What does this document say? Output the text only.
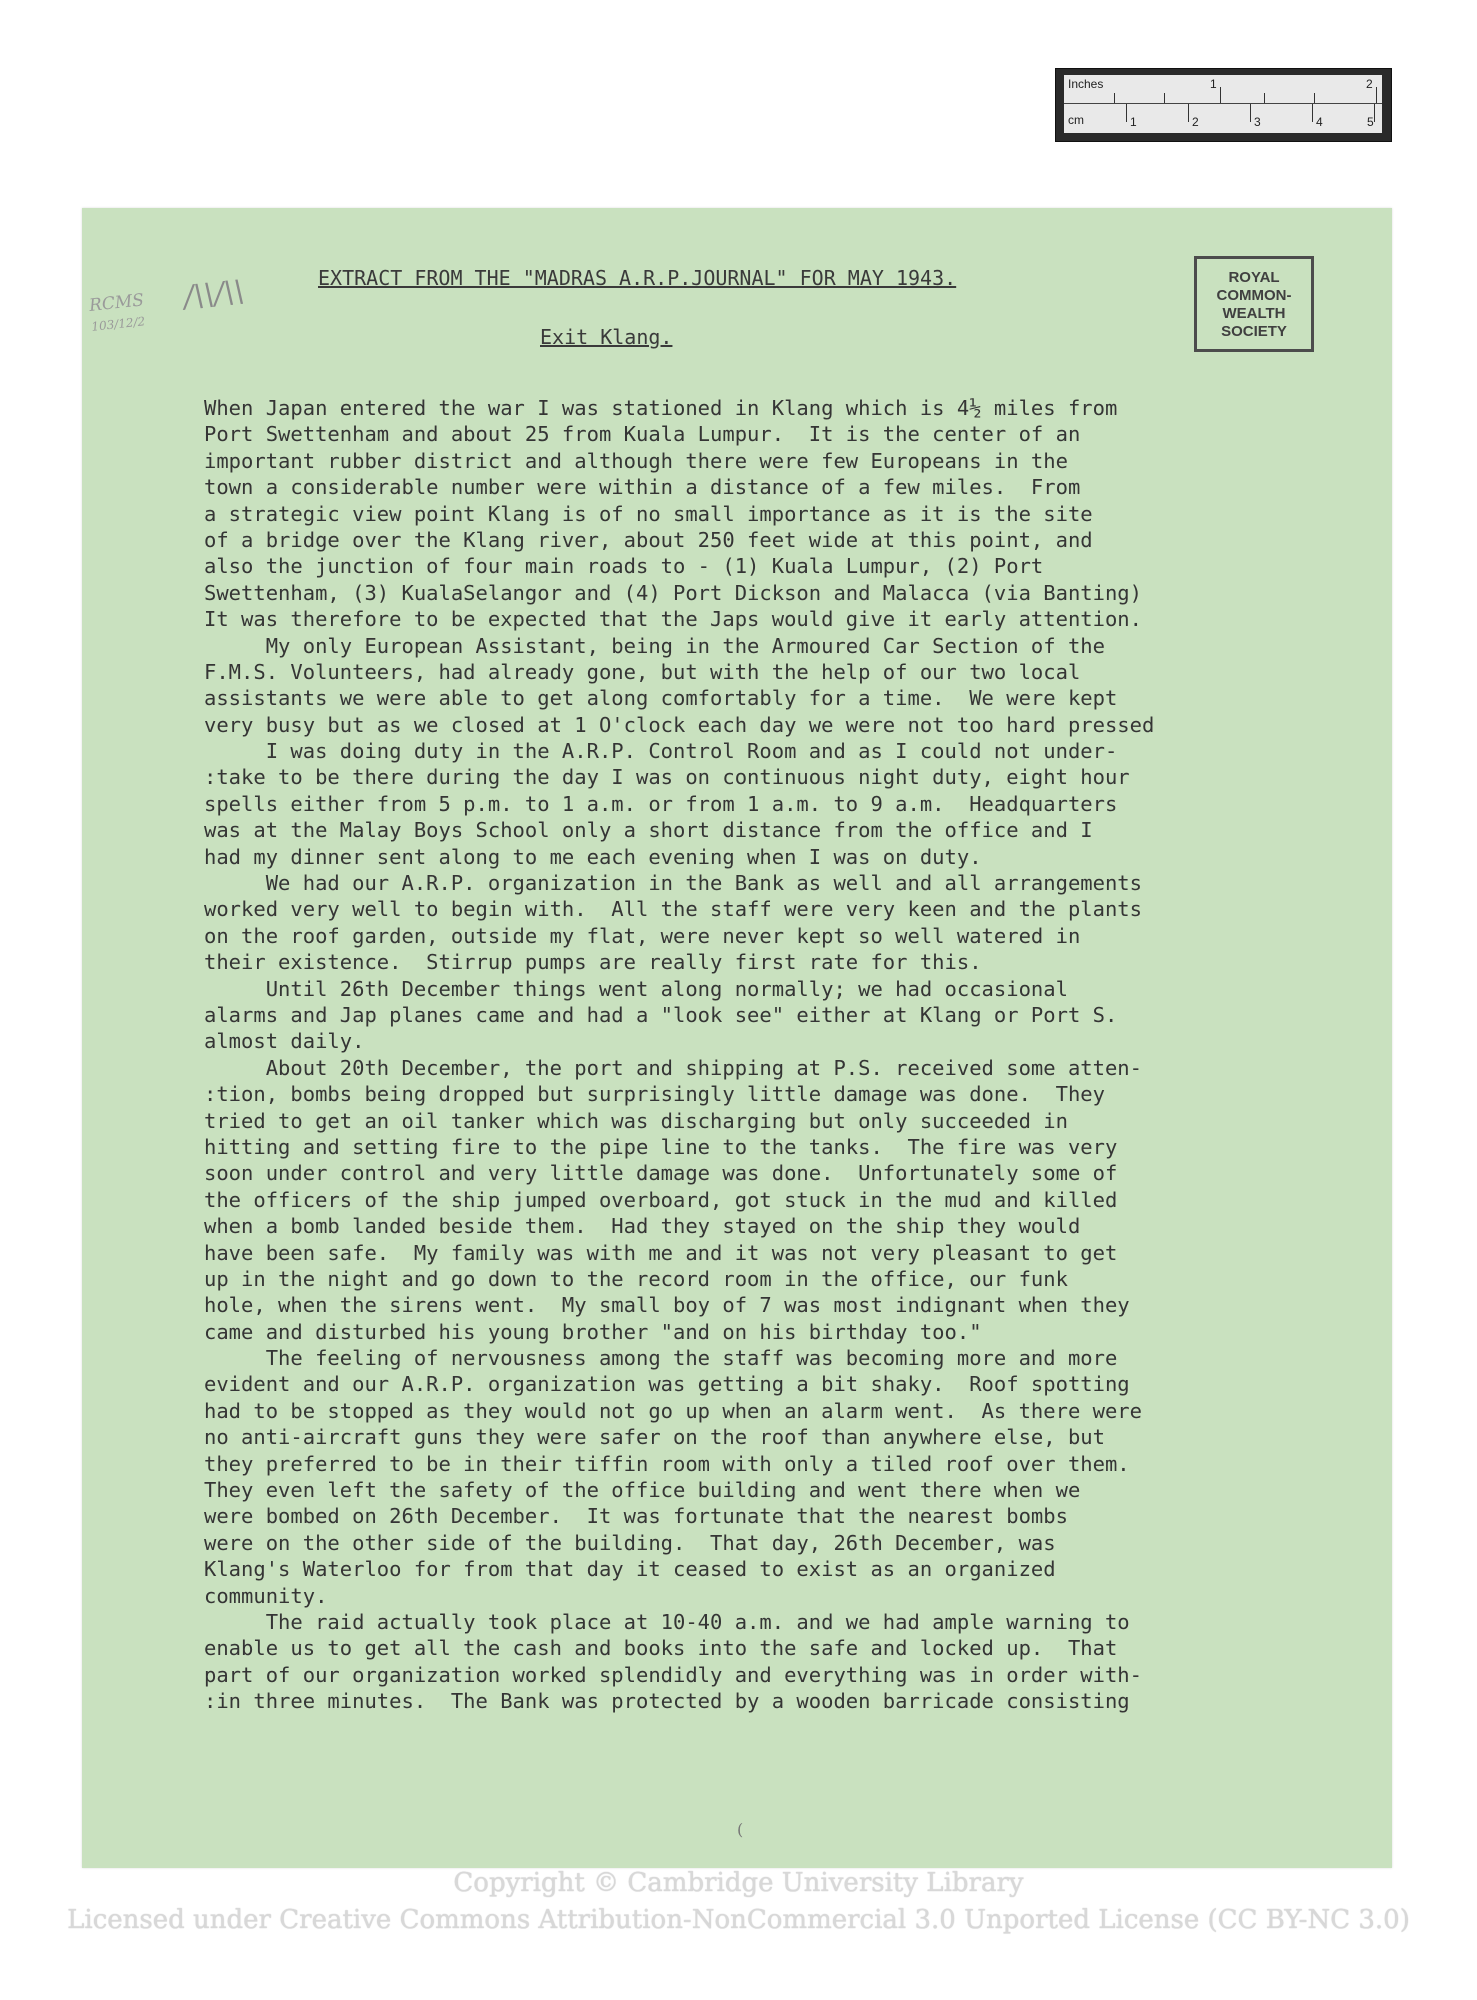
Inches	1	2
cm	1	2	3	4	5
RCMS
103/12/2
/\\/\\	EXTRACT FROM THE "MADRAS A.R.P.JOURNAL" FOR MAY 1943.
Exit Klang.
ROYAL
COMMON-
WEALTH
SOCIETY
When Japan entered the war I was stationed in Klang which is 4½ miles from
Port Swettenham and about 25 from Kuala Lumpur.  It is the center of an
important rubber district and although there were few Europeans in the
town a considerable number were within a distance of a few miles.  From
a strategic view point Klang is of no small importance as it is the site
of a bridge over the Klang river, about 250 feet wide at this point, and
also the junction of four main roads to - (1) Kuala Lumpur, (2) Port
Swettenham, (3) KualaSelangor and (4) Port Dickson and Malacca (via Banting)
It was therefore to be expected that the Japs would give it early attention.
My only European Assistant, being in the Armoured Car Section of the
F.M.S. Volunteers, had already gone, but with the help of our two local
assistants we were able to get along comfortably for a time.  We were kept
very busy but as we closed at 1 O'clock each day we were not too hard pressed
I was doing duty in the A.R.P. Control Room and as I could not under-
:take to be there during the day I was on continuous night duty, eight hour
spells either from 5 p.m. to 1 a.m. or from 1 a.m. to 9 a.m.  Headquarters
was at the Malay Boys School only a short distance from the office and I
had my dinner sent along to me each evening when I was on duty.
We had our A.R.P. organization in the Bank as well and all arrangements
worked very well to begin with.  All the staff were very keen and the plants
on the roof garden, outside my flat, were never kept so well watered in
their existence.  Stirrup pumps are really first rate for this.
Until 26th December things went along normally; we had occasional
alarms and Jap planes came and had a "look see" either at Klang or Port S.
almost daily.
About 20th December, the port and shipping at P.S. received some atten-
:tion, bombs being dropped but surprisingly little damage was done.  They
tried to get an oil tanker which was discharging but only succeeded in
hitting and setting fire to the pipe line to the tanks.  The fire was very
soon under control and very little damage was done.  Unfortunately some of
the officers of the ship jumped overboard, got stuck in the mud and killed
when a bomb landed beside them.  Had they stayed on the ship they would
have been safe.  My family was with me and it was not very pleasant to get
up in the night and go down to the record room in the office, our funk
hole, when the sirens went.  My small boy of 7 was most indignant when they
came and disturbed his young brother "and on his birthday too."
The feeling of nervousness among the staff was becoming more and more
evident and our A.R.P. organization was getting a bit shaky.  Roof spotting
had to be stopped as they would not go up when an alarm went.  As there were
no anti-aircraft guns they were safer on the roof than anywhere else, but
they preferred to be in their tiffin room with only a tiled roof over them.
They even left the safety of the office building and went there when we
were bombed on 26th December.  It was fortunate that the nearest bombs
were on the other side of the building.  That day, 26th December, was
Klang's Waterloo for from that day it ceased to exist as an organized
community.
The raid actually took place at 10-40 a.m. and we had ample warning to
enable us to get all the cash and books into the safe and locked up.  That
part of our organization worked splendidly and everything was in order with-
:in three minutes.  The Bank was protected by a wooden barricade consisting
(
Copyright © Cambridge University Library
Licensed under Creative Commons Attribution-NonCommercial 3.0 Unported License (CC BY-NC 3.0)
